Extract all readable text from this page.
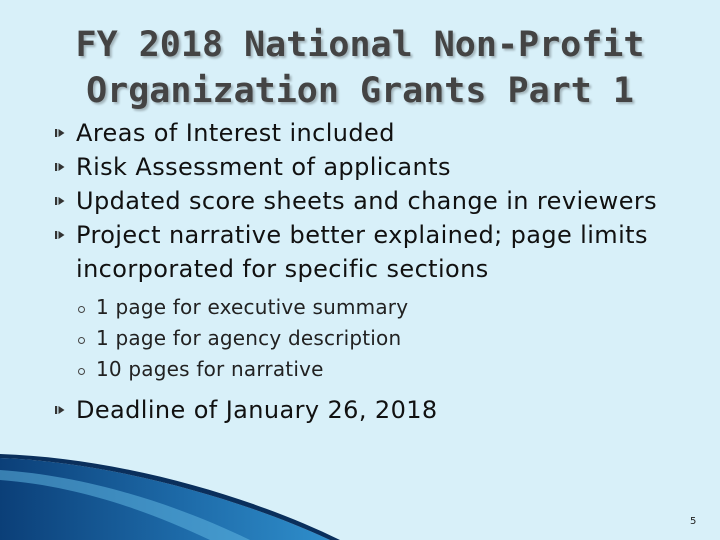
FY 2018 National Non-Profit
Organization Grants Part 1
Areas of Interest included
Risk Assessment of applicants
Updated score sheets and change in reviewers
Project narrative better explained; page limits incorporated for specific sections
1 page for executive summary
1 page for agency description
10 pages for narrative
Deadline of January 26, 2018
5
